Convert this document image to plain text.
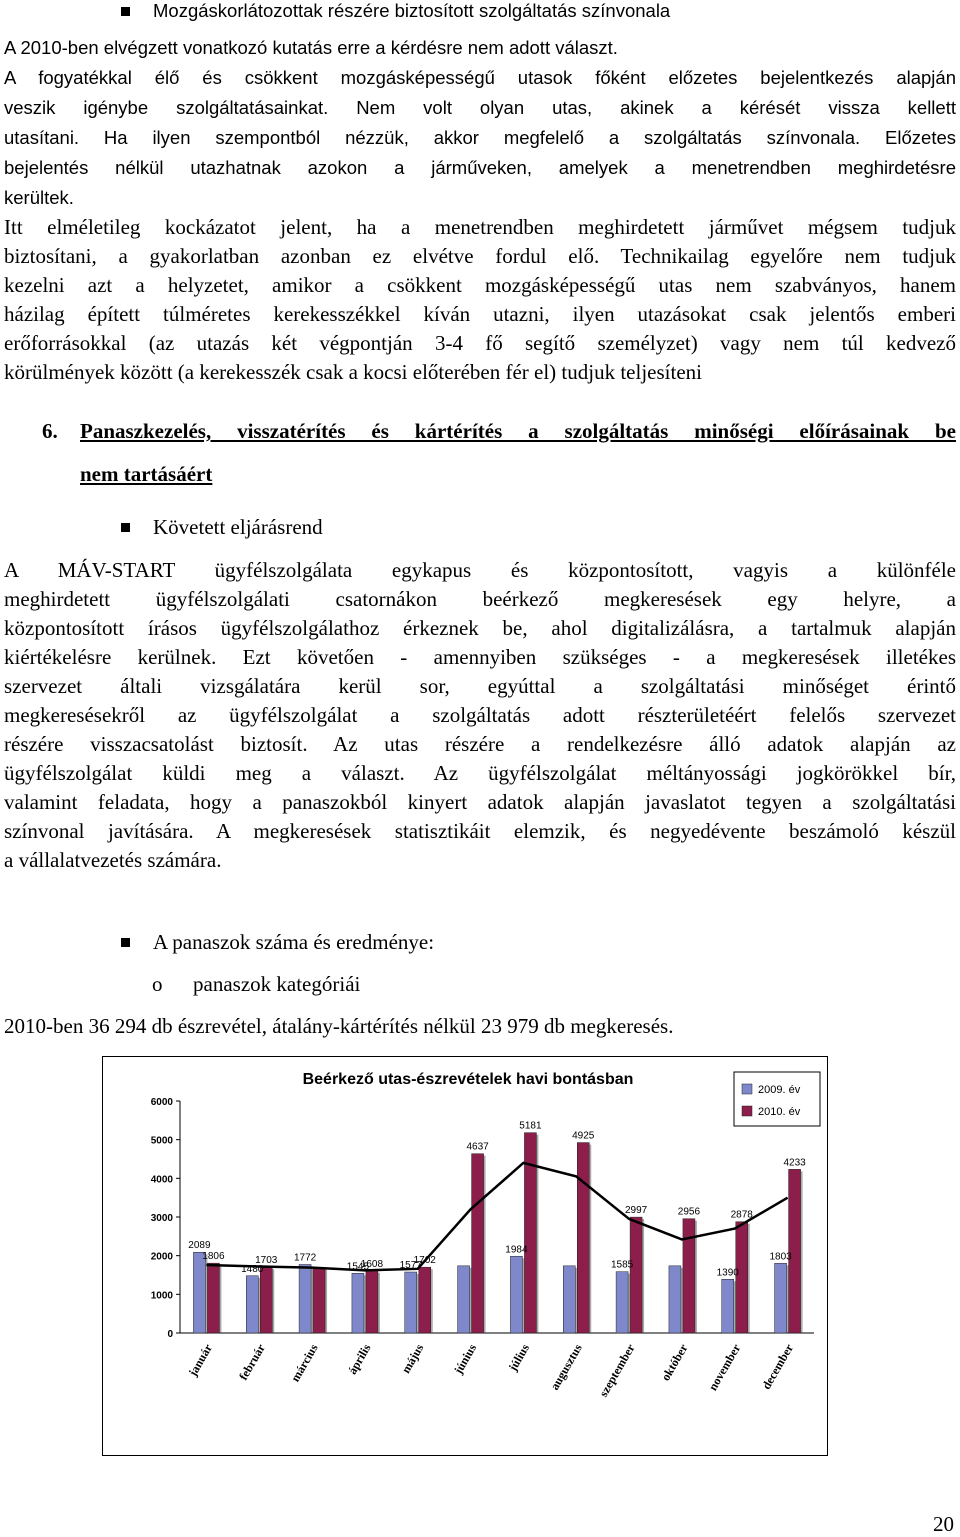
Mozgáskorlátozottak részére biztosított szolgáltatás színvonala
A 2010-ben elvégzett vonatkozó kutatás erre a kérdésre nem adott választ.
A fogyatékkal élő és csökkent mozgásképességű utasok főként előzetes bejelentkezés alapján
veszik igénybe szolgáltatásainkat. Nem volt olyan utas, akinek a kérését vissza kellett
utasítani. Ha ilyen szempontból nézzük, akkor megfelelő a szolgáltatás színvonala. Előzetes
bejelentés nélkül utazhatnak azokon a járműveken, amelyek a menetrendben meghirdetésre
kerültek.
Itt elméletileg kockázatot jelent, ha a menetrendben meghirdetett járművet mégsem tudjuk
biztosítani, a gyakorlatban azonban ez elvétve fordul elő. Technikailag egyelőre nem tudjuk
kezelni azt a helyzetet, amikor a csökkent mozgásképességű utas nem szabványos, hanem
házilag épített túlméretes kerekesszékkel kíván utazni, ilyen utazásokat csak jelentős emberi
erőforrásokkal (az utazás két végpontján 3-4 fő segítő személyzet) vagy nem túl kedvező
körülmények között (a kerekesszék csak a kocsi előterében fér el) tudjuk teljesíteni
6. Panaszkezelés, visszatérítés és kártérítés a szolgáltatás minőségi előírásainak be
nem tartásáért
Követett eljárásrend
A MÁV-START ügyfélszolgálata egykapus és központosított, vagyis a különféle
meghirdetett ügyfélszolgálati csatornákon beérkező megkeresések egy helyre, a
központosított írásos ügyfélszolgálathoz érkeznek be, ahol digitalizálásra, a tartalmuk alapján
kiértékelésre kerülnek. Ezt követően - amennyiben szükséges - a megkeresések illetékes
szervezet általi vizsgálatára kerül sor, egyúttal a szolgáltatási minőséget érintő
megkeresésekről az ügyfélszolgálat a szolgáltatás adott részterületéért felelős szervezet
részére visszacsatolást biztosít. Az utas részére a rendelkezésre álló adatok alapján az
ügyfélszolgálat küldi meg a választ. Az ügyfélszolgálat méltányossági jogkörökkel bír,
valamint feladata, hogy a panaszokból kinyert adatok alapján javaslatot tegyen a szolgáltatási
színvonal javítására. A megkeresések statisztikáit elemzik, és negyedévente beszámoló készül
a vállalatvezetés számára.
A panaszok száma és eredménye:
o panaszok kategóriái
2010-ben 36 294 db észrevétel, átalány-kártérítés nélkül 23 979 db megkeresés.
Beérkező utas-észrevételek havi bontásban
0
1000
2000
3000
4000
5000
6000
2089
1806
1480
1703 1772
1545
1608 1577
1702
4637
5181
1984
4925
1585
2997	2956	2878
1390
4233
1803
január február március április május június július augusztus szeptember október november december
2009. év
2010. év
20
